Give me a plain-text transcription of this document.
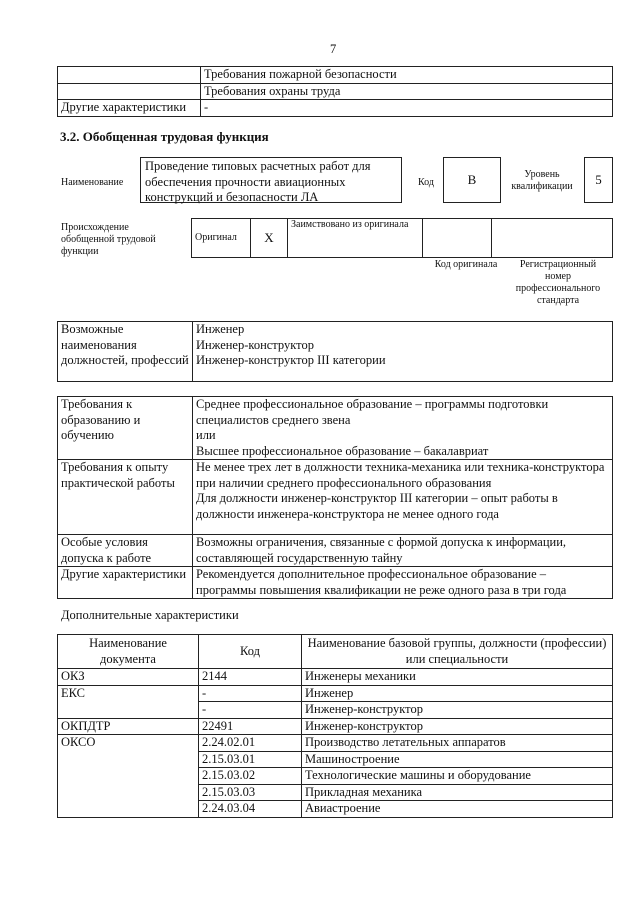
7
	Требования пожарной безопасности
	Требования охраны труда
Другие характеристики	-
3.2. Обобщенная трудовая функция
Наименование
Проведение типовых расчетных работ для обеспечения прочности авиационных конструкций и безопасности ЛА
Код	В	Уровень квалификации	5
Происхождение обобщенной трудовой функции
Оригинал	Х	Заимствовано из оригинала		
Код оригинала	Регистрационный номер профессионального стандарта
Возможные наименования должностей, профессий	Инженер
Инженер-конструктор
Инженер-конструктор III категории
Требования к образованию и обучению	Среднее профессиональное образование – программы подготовки специалистов среднего звена
или
Высшее профессиональное образование – бакалавриат
Требования к опыту практической работы	Не менее трех лет в должности техника-механика или техника-конструктора при наличии среднего профессионального образования
Для должности инженер-конструктор III категории – опыт работы в должности инженера-конструктора не менее одного года
Особые условия допуска к работе	Возможны ограничения, связанные с формой допуска к информации, составляющей государственную тайну
Другие характеристики	Рекомендуется дополнительное профессиональное образование – программы повышения квалификации не реже одного раза в три года
Дополнительные характеристики
Наименование документа	Код	Наименование базовой группы, должности (профессии) или специальности
ОКЗ	2144	Инженеры механики
ЕКС	-	Инженер
	-	Инженер-конструктор
ОКПДТР	22491	Инженер-конструктор
ОКСО	2.24.02.01	Производство летательных аппаратов
	2.15.03.01	Машиностроение
	2.15.03.02	Технологические машины и оборудование
	2.15.03.03	Прикладная механика
	2.24.03.04	Авиастроение
